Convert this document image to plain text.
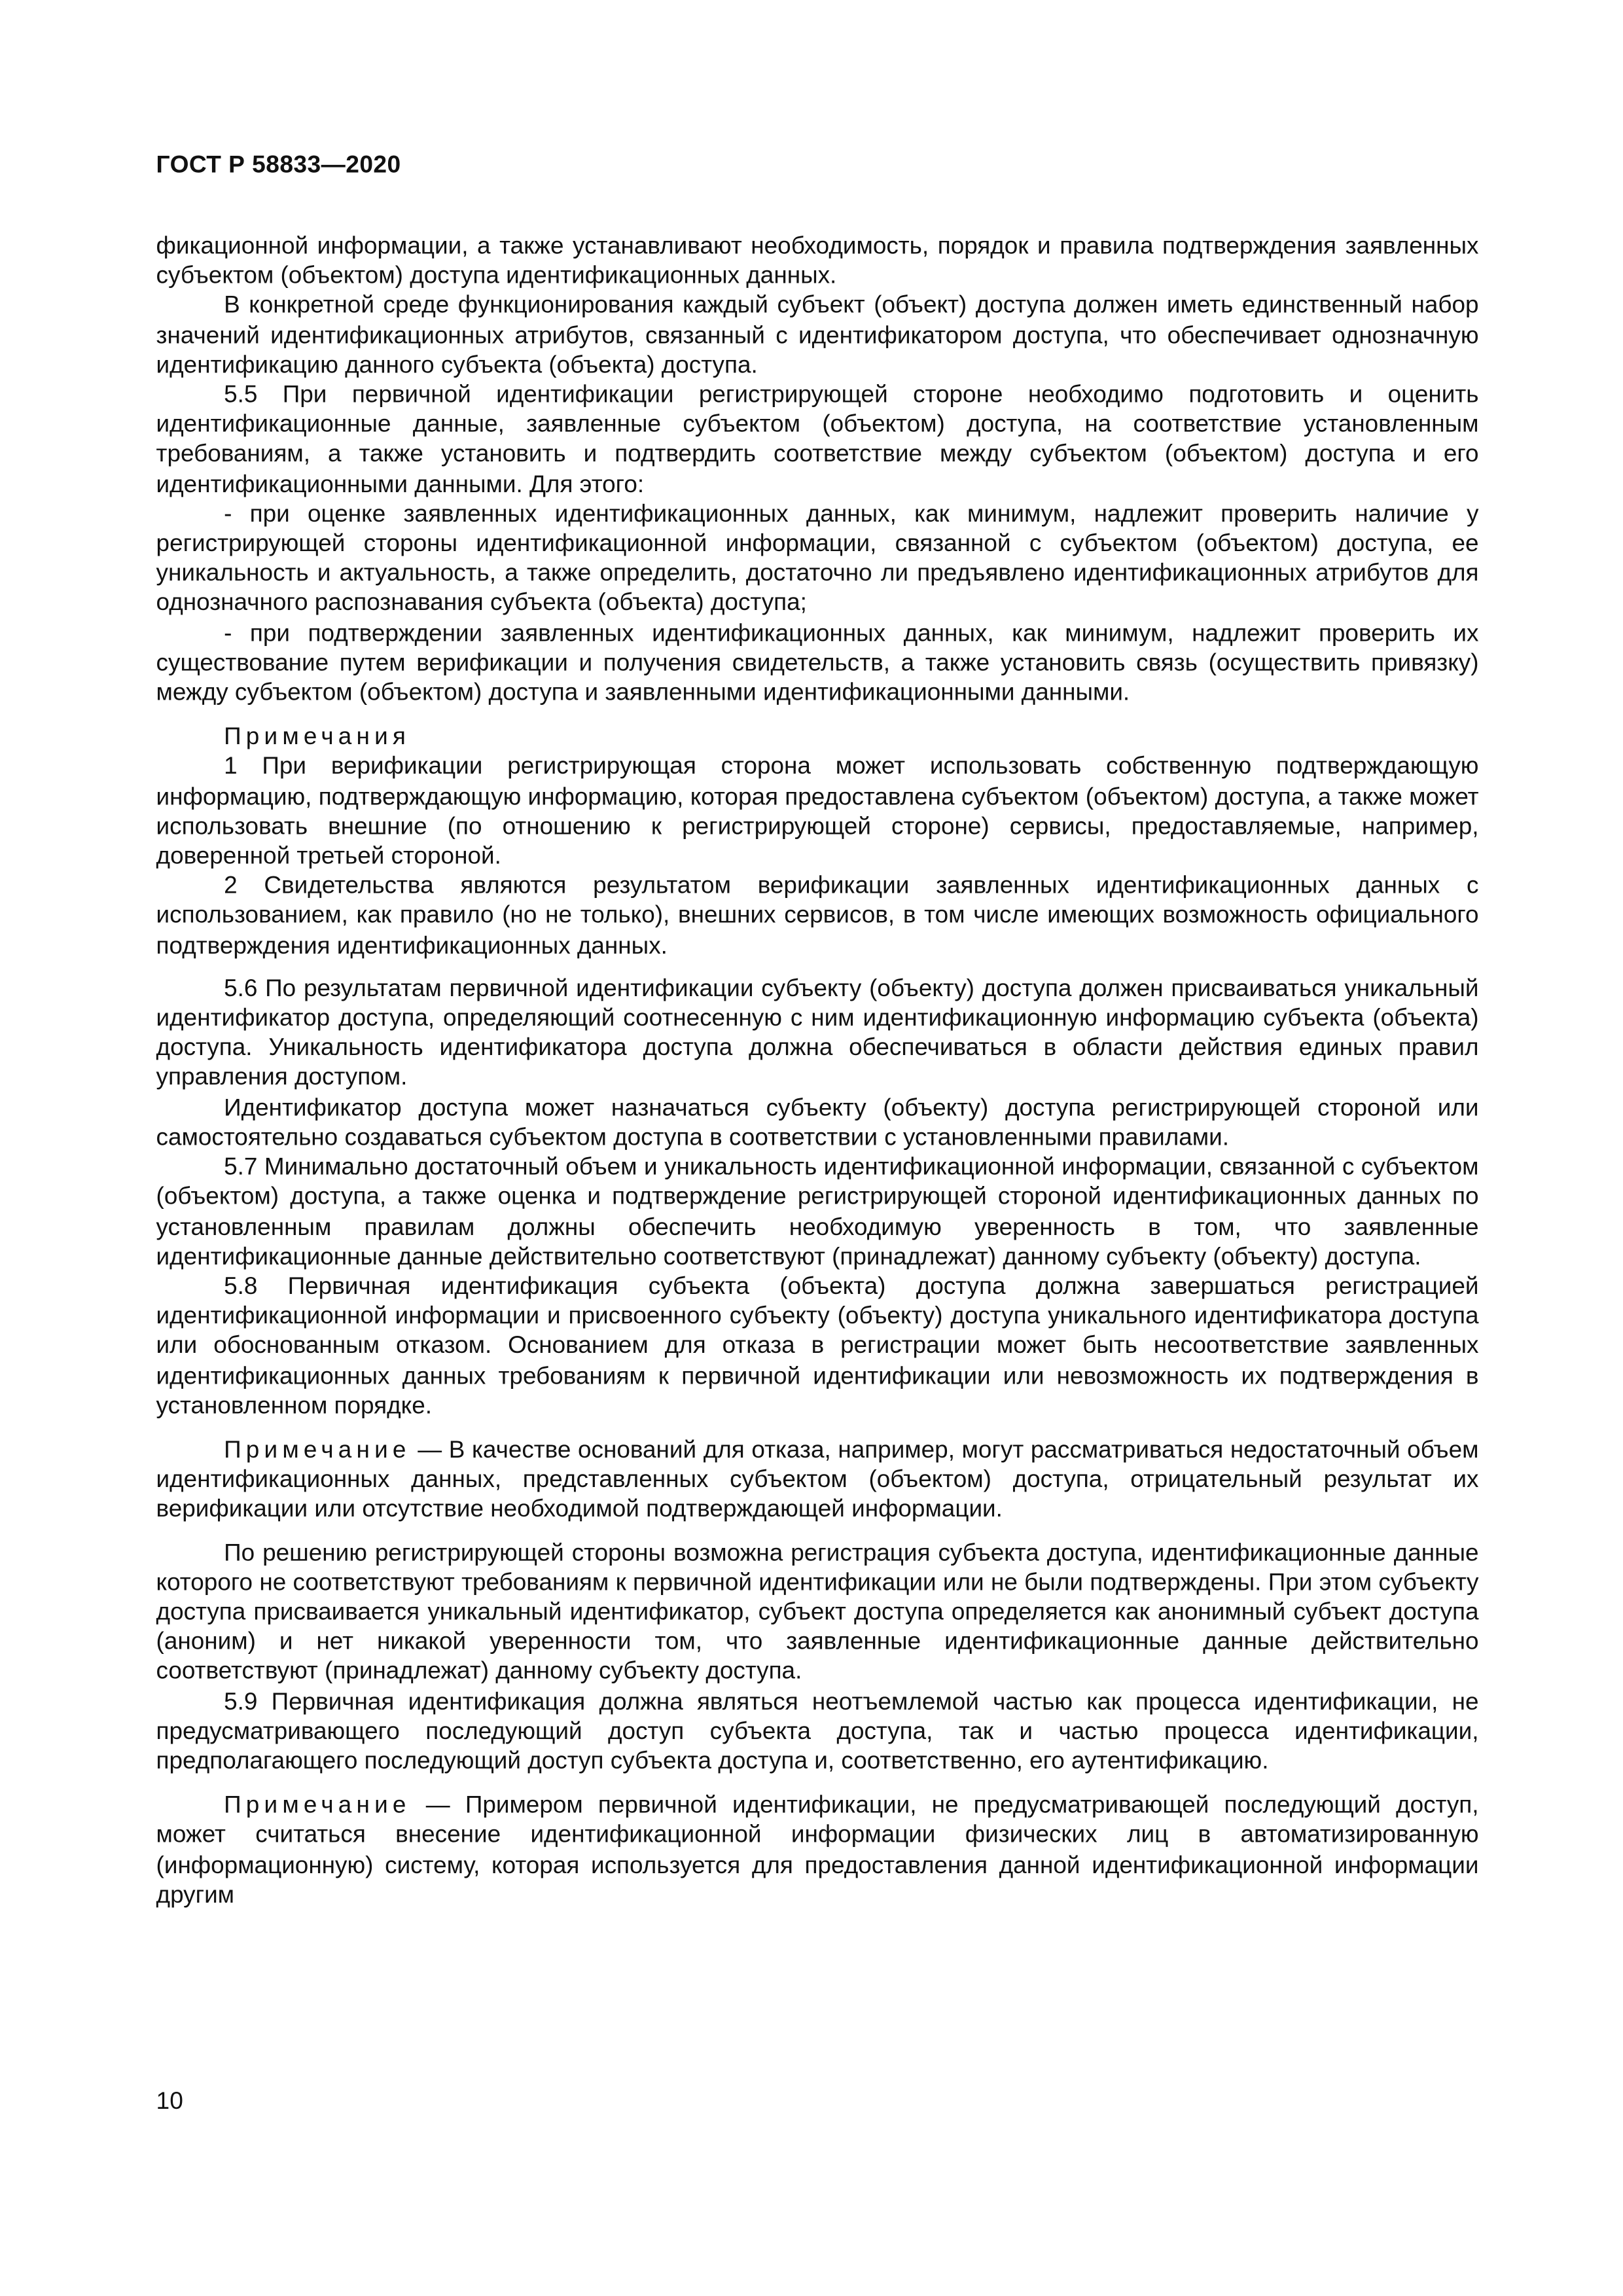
ГОСТ Р 58833—2020

фикационной информации, а также устанавливают необходимость, порядок и правила подтверждения заявленных субъектом (объектом) доступа идентификационных данных.

В конкретной среде функционирования каждый субъект (объект) доступа должен иметь единственный набор значений идентификационных атрибутов, связанный с идентификатором доступа, что обеспечивает однозначную идентификацию данного субъекта (объекта) доступа.

5.5 При первичной идентификации регистрирующей стороне необходимо подготовить и оценить идентификационные данные, заявленные субъектом (объектом) доступа, на соответствие установленным требованиям, а также установить и подтвердить соответствие между субъектом (объектом) доступа и его идентификационными данными. Для этого:

- при оценке заявленных идентификационных данных, как минимум, надлежит проверить наличие у регистрирующей стороны идентификационной информации, связанной с субъектом (объектом) доступа, ее уникальность и актуальность, а также определить, достаточно ли предъявлено идентификационных атрибутов для однозначного распознавания субъекта (объекта) доступа;

- при подтверждении заявленных идентификационных данных, как минимум, надлежит проверить их существование путем верификации и получения свидетельств, а также установить связь (осуществить привязку) между субъектом (объектом) доступа и заявленными идентификационными данными.

Примечания

1 При верификации регистрирующая сторона может использовать собственную подтверждающую информацию, подтверждающую информацию, которая предоставлена субъектом (объектом) доступа, а также может использовать внешние (по отношению к регистрирующей стороне) сервисы, предоставляемые, например, доверенной третьей стороной.

2 Свидетельства являются результатом верификации заявленных идентификационных данных с использованием, как правило (но не только), внешних сервисов, в том числе имеющих возможность официального подтверждения идентификационных данных.

5.6 По результатам первичной идентификации субъекту (объекту) доступа должен присваиваться уникальный идентификатор доступа, определяющий соотнесенную с ним идентификационную информацию субъекта (объекта) доступа. Уникальность идентификатора доступа должна обеспечиваться в области действия единых правил управления доступом.

Идентификатор доступа может назначаться субъекту (объекту) доступа регистрирующей стороной или самостоятельно создаваться субъектом доступа в соответствии с установленными правилами.

5.7 Минимально достаточный объем и уникальность идентификационной информации, связанной с субъектом (объектом) доступа, а также оценка и подтверждение регистрирующей стороной идентификационных данных по установленным правилам должны обеспечить необходимую уверенность в том, что заявленные идентификационные данные действительно соответствуют (принадлежат) данному субъекту (объекту) доступа.

5.8 Первичная идентификация субъекта (объекта) доступа должна завершаться регистрацией идентификационной информации и присвоенного субъекту (объекту) доступа уникального идентификатора доступа или обоснованным отказом. Основанием для отказа в регистрации может быть несоответствие заявленных идентификационных данных требованиям к первичной идентификации или невозможность их подтверждения в установленном порядке.

Примечание — В качестве оснований для отказа, например, могут рассматриваться недостаточный объем идентификационных данных, представленных субъектом (объектом) доступа, отрицательный результат их верификации или отсутствие необходимой подтверждающей информации.

По решению регистрирующей стороны возможна регистрация субъекта доступа, идентификационные данные которого не соответствуют требованиям к первичной идентификации или не были подтверждены. При этом субъекту доступа присваивается уникальный идентификатор, субъект доступа определяется как анонимный субъект доступа (аноним) и нет никакой уверенности том, что заявленные идентификационные данные действительно соответствуют (принадлежат) данному субъекту доступа.

5.9 Первичная идентификация должна являться неотъемлемой частью как процесса идентификации, не предусматривающего последующий доступ субъекта доступа, так и частью процесса идентификации, предполагающего последующий доступ субъекта доступа и, соответственно, его аутентификацию.

Примечание — Примером первичной идентификации, не предусматривающей последующий доступ, может считаться внесение идентификационной информации физических лиц в автоматизированную (информационную) систему, которая используется для предоставления данной идентификационной информации другим

10
